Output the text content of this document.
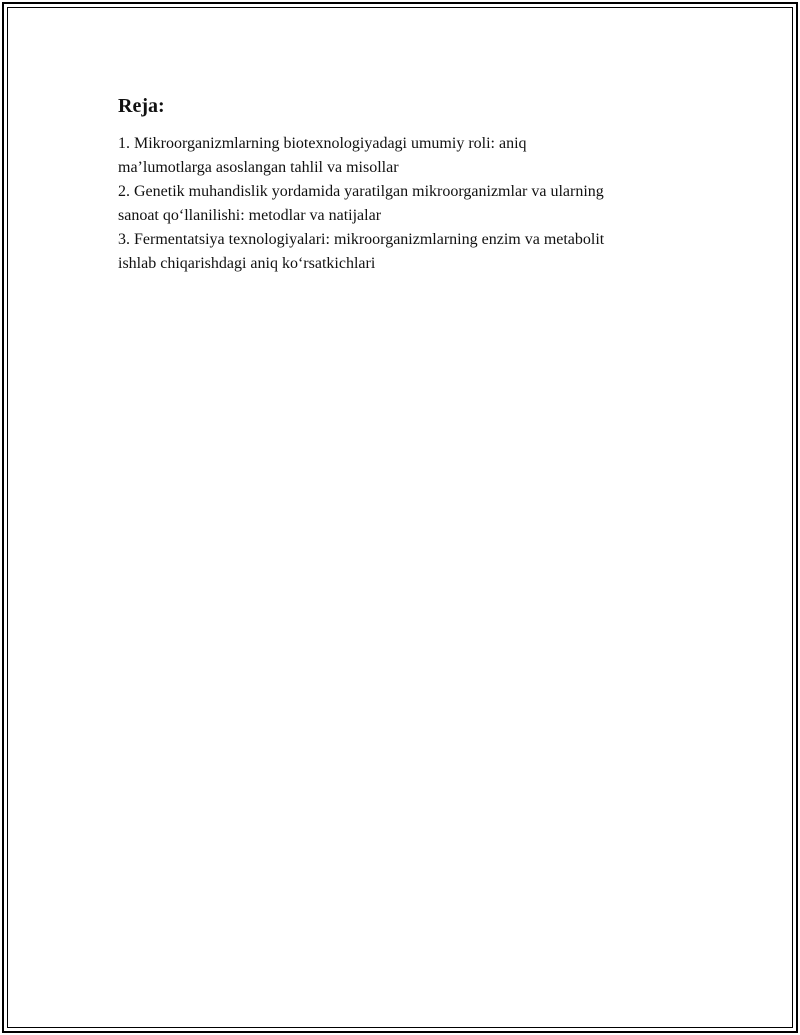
Reja:
1. Mikroorganizmlarning biotexnologiyadagi umumiy roli: aniq
ma’lumotlarga asoslangan tahlil va misollar
2. Genetik muhandislik yordamida yaratilgan mikroorganizmlar va ularning
sanoat qo‘llanilishi: metodlar va natijalar
3. Fermentatsiya texnologiyalari: mikroorganizmlarning enzim va metabolit
ishlab chiqarishdagi aniq ko‘rsatkichlari
